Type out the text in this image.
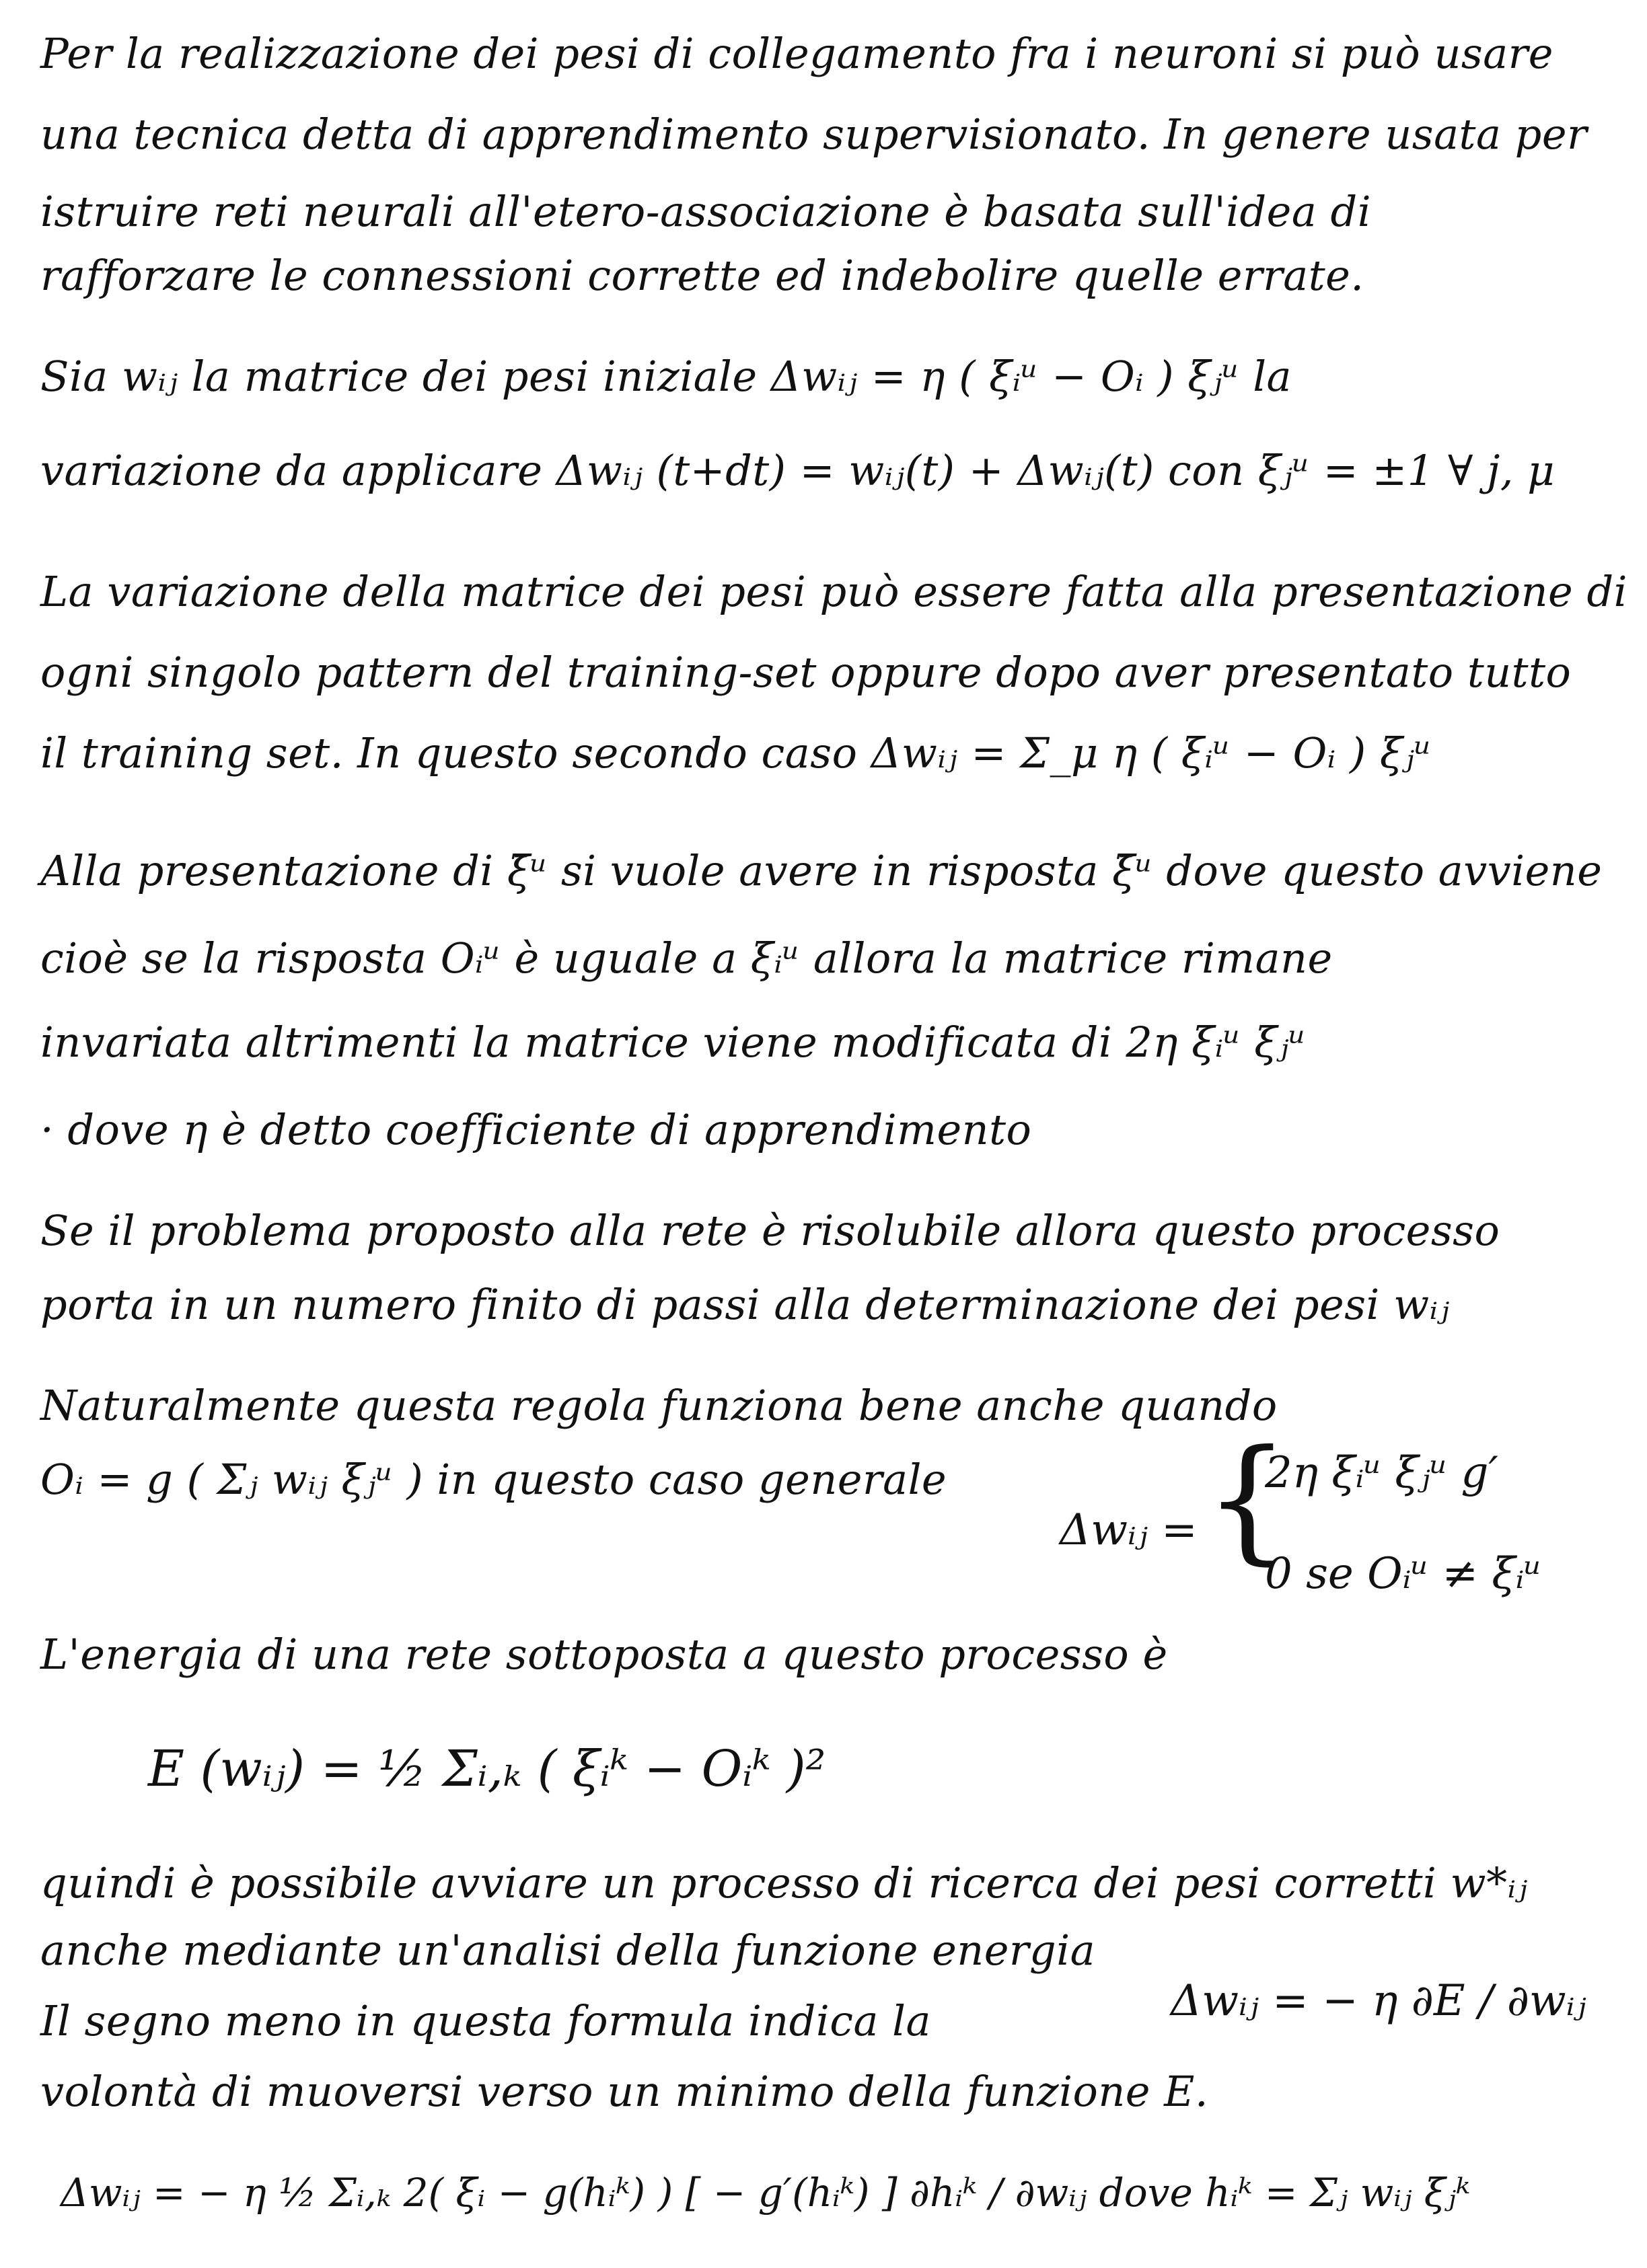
Per la realizzazione dei pesi di collegamento fra i neuroni si può usare
una tecnica detta di apprendimento supervisionato. In genere usata per
istruire reti neurali all'etero-associazione è basata sull'idea di
rafforzare le connessioni corrette ed indebolire quelle errate.
Sia wᵢⱼ la matrice dei pesi iniziale Δwᵢⱼ = η ( ξᵢᵘ − Oᵢ ) ξⱼᵘ la
variazione da applicare Δwᵢⱼ (t+dt) = wᵢⱼ(t) + Δwᵢⱼ(t) con ξⱼᵘ = ±1 ∀ j, μ
La variazione della matrice dei pesi può essere fatta alla presentazione di
ogni singolo pattern del training-set oppure dopo aver presentato tutto
il training set. In questo secondo caso Δwᵢⱼ = Σ_μ η ( ξᵢᵘ − Oᵢ ) ξⱼᵘ
Alla presentazione di ξ̄ᵘ si vuole avere in risposta ξ̄ᵘ dove questo avviene
cioè se la risposta Oᵢᵘ è uguale a ξᵢᵘ allora la matrice rimane
invariata altrimenti la matrice viene modificata di 2η ξᵢᵘ ξⱼᵘ
· dove η è detto coefficiente di apprendimento
Se il problema proposto alla rete è risolubile allora questo processo
porta in un numero finito di passi alla determinazione dei pesi wᵢⱼ
Naturalmente questa regola funziona bene anche quando
Oᵢ = g ( Σⱼ wᵢⱼ ξⱼᵘ ) in questo caso generale
Δwᵢⱼ = {
2η ξᵢᵘ ξⱼᵘ g′
0 se Oᵢᵘ ≠ ξᵢᵘ
L'energia di una rete sottoposta a questo processo è
E (wᵢⱼ) = ½ Σᵢ,ₖ ( ξᵢᵏ − Oᵢᵏ )²
quindi è possibile avviare un processo di ricerca dei pesi corretti w*ᵢⱼ
anche mediante un'analisi della funzione energia
Δwᵢⱼ = − η ∂E / ∂wᵢⱼ
Il segno meno in questa formula indica la
volontà di muoversi verso un minimo della funzione E.
Δwᵢⱼ = − η ½ Σᵢ,ₖ 2( ξᵢ − g(hᵢᵏ) ) [ − g′(hᵢᵏ) ] ∂hᵢᵏ / ∂wᵢⱼ dove hᵢᵏ = Σⱼ wᵢⱼ ξⱼᵏ
